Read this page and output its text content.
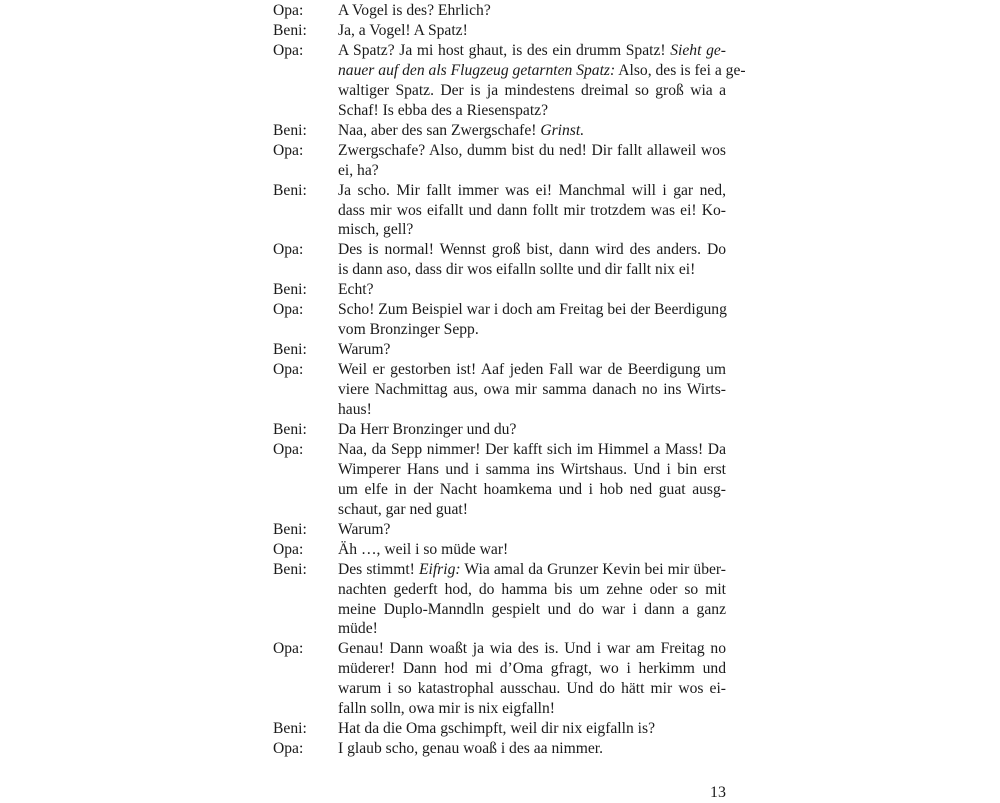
Opa: A Vogel is des? Ehrlich?
Beni: Ja, a Vogel! A Spatz!
Opa: A Spatz? Ja mi host ghaut, is des ein drumm Spatz! Sieht ge-
nauer auf den als Flugzeug getarnten Spatz: Also, des is fei a ge-
waltiger Spatz. Der is ja mindestens dreimal so groß wia a
Schaf! Is ebba des a Riesenspatz?
Beni: Naa, aber des san Zwergschafe! Grinst.
Opa: Zwergschafe? Also, dumm bist du ned! Dir fallt allaweil wos
ei, ha?
Beni: Ja scho. Mir fallt immer was ei! Manchmal will i gar ned,
dass mir wos eifallt und dann follt mir trotzdem was ei! Ko-
misch, gell?
Opa: Des is normal! Wennst groß bist, dann wird des anders. Do
is dann aso, dass dir wos eifalln sollte und dir fallt nix ei!
Beni: Echt?
Opa: Scho! Zum Beispiel war i doch am Freitag bei der Beerdigung
vom Bronzinger Sepp.
Beni: Warum?
Opa: Weil er gestorben ist! Aaf jeden Fall war de Beerdigung um
viere Nachmittag aus, owa mir samma danach no ins Wirts-
haus!
Beni: Da Herr Bronzinger und du?
Opa: Naa, da Sepp nimmer! Der kafft sich im Himmel a Mass! Da
Wimperer Hans und i samma ins Wirtshaus. Und i bin erst
um elfe in der Nacht hoamkema und i hob ned guat ausg-
schaut, gar ned guat!
Beni: Warum?
Opa: Äh …, weil i so müde war!
Beni: Des stimmt! Eifrig: Wia amal da Grunzer Kevin bei mir über-
nachten gederft hod, do hamma bis um zehne oder so mit
meine Duplo-Manndln gespielt und do war i dann a ganz
müde!
Opa: Genau! Dann woaßt ja wia des is. Und i war am Freitag no
müderer! Dann hod mi d’Oma gfragt, wo i herkimm und
warum i so katastrophal ausschau. Und do hätt mir wos ei-
falln solln, owa mir is nix eigfalln!
Beni: Hat da die Oma gschimpft, weil dir nix eigfalln is?
Opa: I glaub scho, genau woaß i des aa nimmer.
13
